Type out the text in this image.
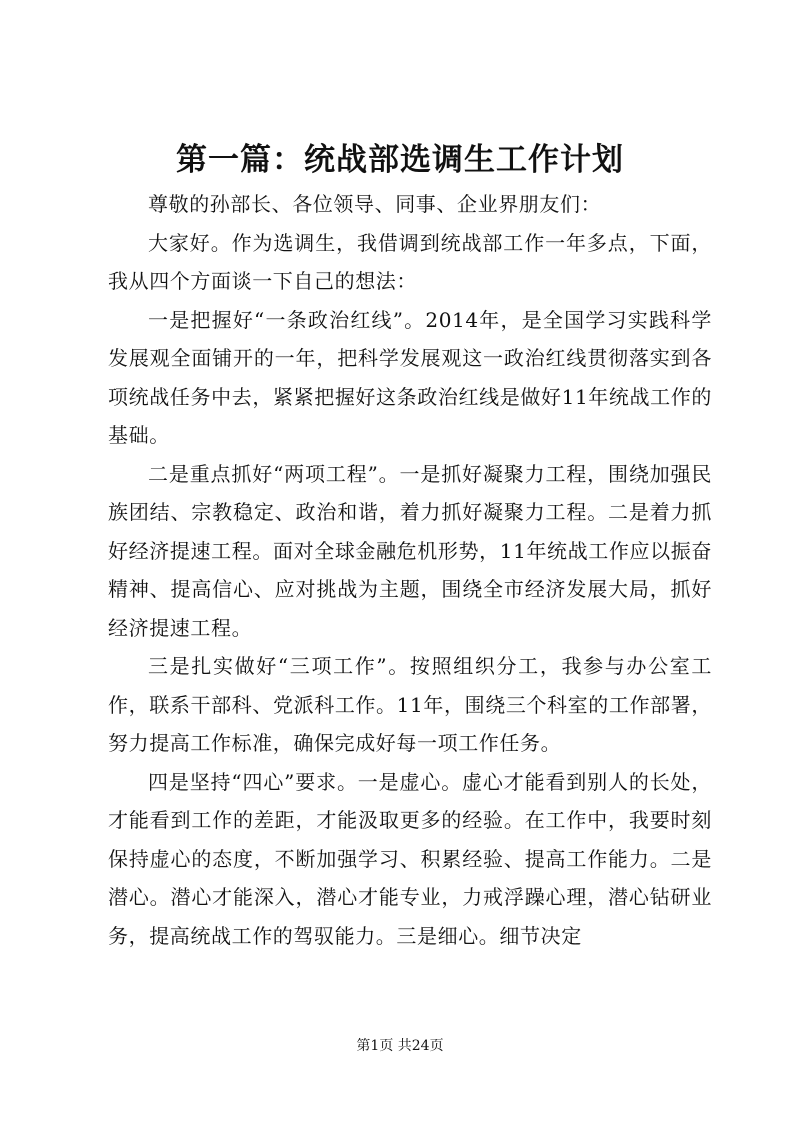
第一篇：统战部选调生工作计划

尊敬的孙部长、各位领导、同事、企业界朋友们：

大家好。作为选调生，我借调到统战部工作一年多点，下面，我从四个方面谈一下自己的想法：

一是把握好“一条政治红线”。2014年，是全国学习实践科学发展观全面铺开的一年，把科学发展观这一政治红线贯彻落实到各项统战任务中去，紧紧把握好这条政治红线是做好11年统战工作的基础。

二是重点抓好“两项工程”。一是抓好凝聚力工程，围绕加强民族团结、宗教稳定、政治和谐，着力抓好凝聚力工程。二是着力抓好经济提速工程。面对全球金融危机形势，11年统战工作应以振奋精神、提高信心、应对挑战为主题，围绕全市经济发展大局，抓好经济提速工程。

三是扎实做好“三项工作”。按照组织分工，我参与办公室工作，联系干部科、党派科工作。11年，围绕三个科室的工作部署，努力提高工作标准，确保完成好每一项工作任务。

四是坚持“四心”要求。一是虚心。虚心才能看到别人的长处，才能看到工作的差距，才能汲取更多的经验。在工作中，我要时刻保持虚心的态度，不断加强学习、积累经验、提高工作能力。二是潜心。潜心才能深入，潜心才能专业，力戒浮躁心理，潜心钻研业务，提高统战工作的驾驭能力。三是细心。细节决定

第1页 共24页
